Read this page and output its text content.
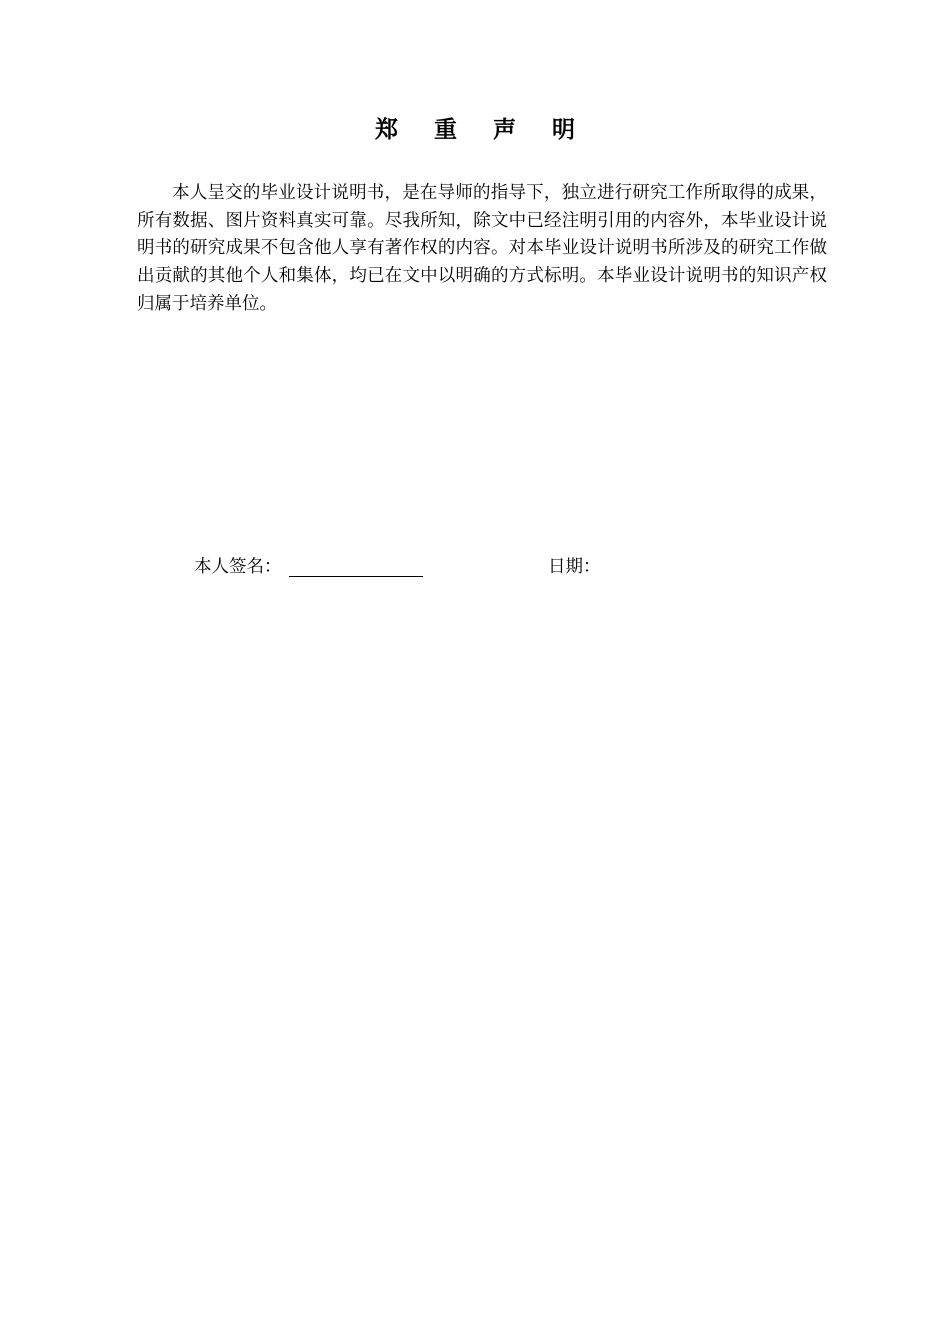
郑 重 声 明

本人呈交的毕业设计说明书，是在导师的指导下，独立进行研究工作所取得的成果，所有数据、图片资料真实可靠。尽我所知，除文中已经注明引用的内容外，本毕业设计说明书的研究成果不包含他人享有著作权的内容。对本毕业设计说明书所涉及的研究工作做出贡献的其他个人和集体，均已在文中以明确的方式标明。本毕业设计说明书的知识产权归属于培养单位。

本人签名：	日期：
